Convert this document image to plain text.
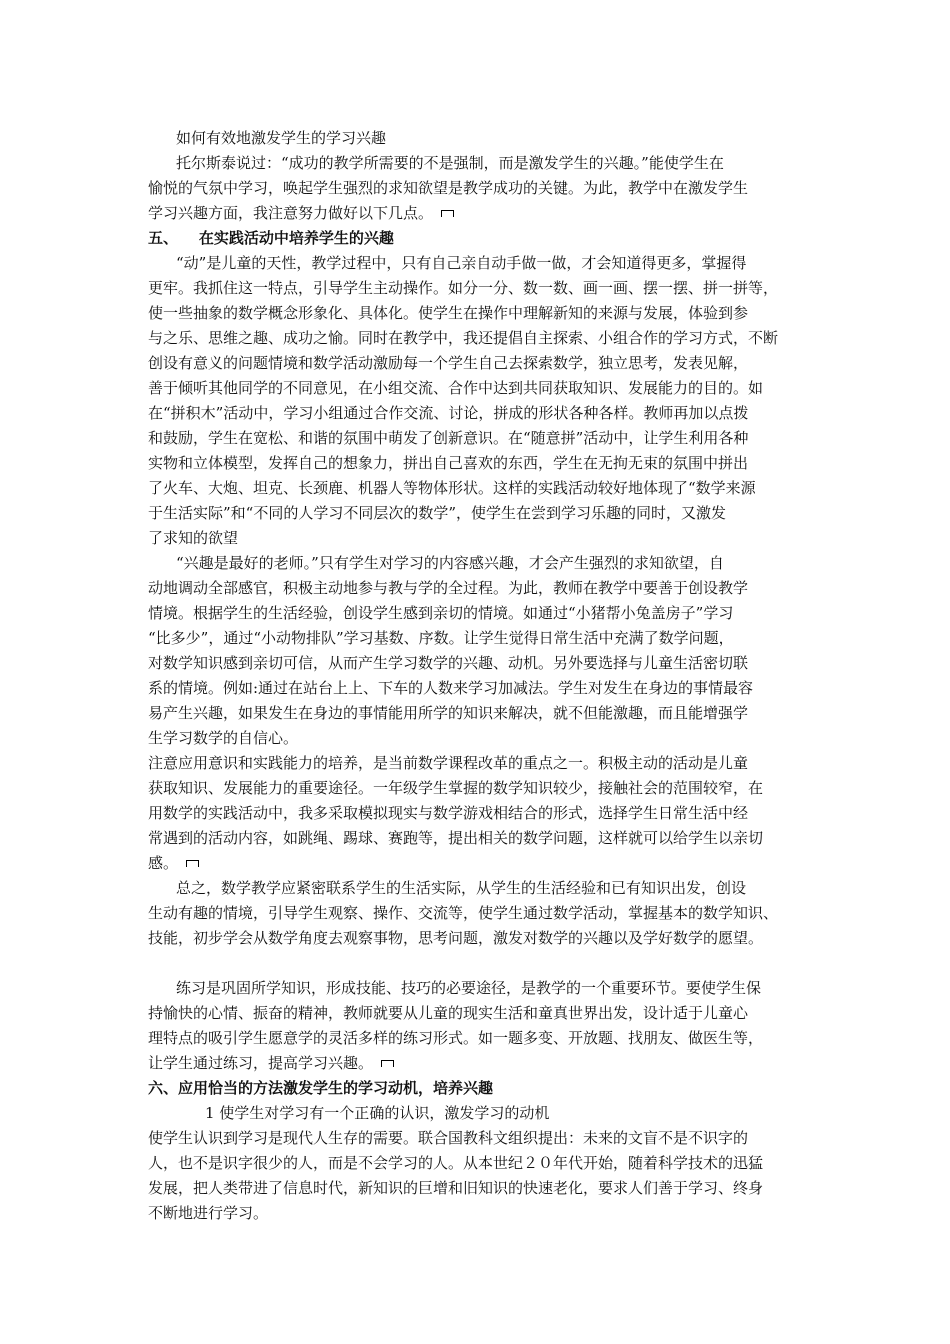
如何有效地激发学生的学习兴趣
托尔斯泰说过：“成功的教学所需要的不是强制，而是激发学生的兴趣。”能使学生在
愉悦的气氛中学习，唤起学生强烈的求知欲望是教学成功的关键。为此，教学中在激发学生
学习兴趣方面，我注意努力做好以下几点。
五、    在实践活动中培养学生的兴趣
“动”是儿童的天性，教学过程中，只有自己亲自动手做一做，才会知道得更多，掌握得
更牢。我抓住这一特点，引导学生主动操作。如分一分、数一数、画一画、摆一摆、拼一拼等，
使一些抽象的数学概念形象化、具体化。使学生在操作中理解新知的来源与发展，体验到参
与之乐、思维之趣、成功之愉。同时在教学中，我还提倡自主探索、小组合作的学习方式，不断
创设有意义的问题情境和数学活动激励每一个学生自己去探索数学，独立思考，发表见解，
善于倾听其他同学的不同意见，在小组交流、合作中达到共同获取知识、发展能力的目的。如
在“拼积木”活动中，学习小组通过合作交流、讨论，拼成的形状各种各样。教师再加以点拨
和鼓励，学生在宽松、和谐的氛围中萌发了创新意识。在“随意拼”活动中，让学生利用各种
实物和立体模型，发挥自己的想象力，拼出自己喜欢的东西，学生在无拘无束的氛围中拼出
了火车、大炮、坦克、长颈鹿、机器人等物体形状。这样的实践活动较好地体现了“数学来源
于生活实际”和“不同的人学习不同层次的数学”，使学生在尝到学习乐趣的同时，又激发
了求知的欲望
“兴趣是最好的老师。”只有学生对学习的内容感兴趣，才会产生强烈的求知欲望，自
动地调动全部感官，积极主动地参与教与学的全过程。为此，教师在教学中要善于创设教学
情境。根据学生的生活经验，创设学生感到亲切的情境。如通过“小猪帮小兔盖房子”学习
“比多少”，通过“小动物排队”学习基数、序数。让学生觉得日常生活中充满了数学问题，
对数学知识感到亲切可信，从而产生学习数学的兴趣、动机。另外要选择与儿童生活密切联
系的情境。例如:通过在站台上上、下车的人数来学习加减法。学生对发生在身边的事情最容
易产生兴趣，如果发生在身边的事情能用所学的知识来解决，就不但能激趣，而且能增强学
生学习数学的自信心。
注意应用意识和实践能力的培养，是当前数学课程改革的重点之一。积极主动的活动是儿童
获取知识、发展能力的重要途径。一年级学生掌握的数学知识较少，接触社会的范围较窄，在
用数学的实践活动中，我多采取模拟现实与数学游戏相结合的形式，选择学生日常生活中经
常遇到的活动内容，如跳绳、踢球、赛跑等，提出相关的数学问题，这样就可以给学生以亲切
感。
总之，数学教学应紧密联系学生的生活实际，从学生的生活经验和已有知识出发，创设
生动有趣的情境，引导学生观察、操作、交流等，使学生通过数学活动，掌握基本的数学知识、
技能，初步学会从数学角度去观察事物，思考问题，激发对数学的兴趣以及学好数学的愿望。
练习是巩固所学知识，形成技能、技巧的必要途径，是教学的一个重要环节。要使学生保
持愉快的心情、振奋的精神，教师就要从儿童的现实生活和童真世界出发，设计适于儿童心
理特点的吸引学生愿意学的灵活多样的练习形式。如一题多变、开放题、找朋友、做医生等，
让学生通过练习，提高学习兴趣。
六、应用恰当的方法激发学生的学习动机，培养兴趣
1 使学生对学习有一个正确的认识，激发学习的动机
使学生认识到学习是现代人生存的需要。联合国教科文组织提出：未来的文盲不是不识字的
人，也不是识字很少的人，而是不会学习的人。从本世纪２０年代开始，随着科学技术的迅猛
发展，把人类带进了信息时代，新知识的巨增和旧知识的快速老化，要求人们善于学习、终身
不断地进行学习。
